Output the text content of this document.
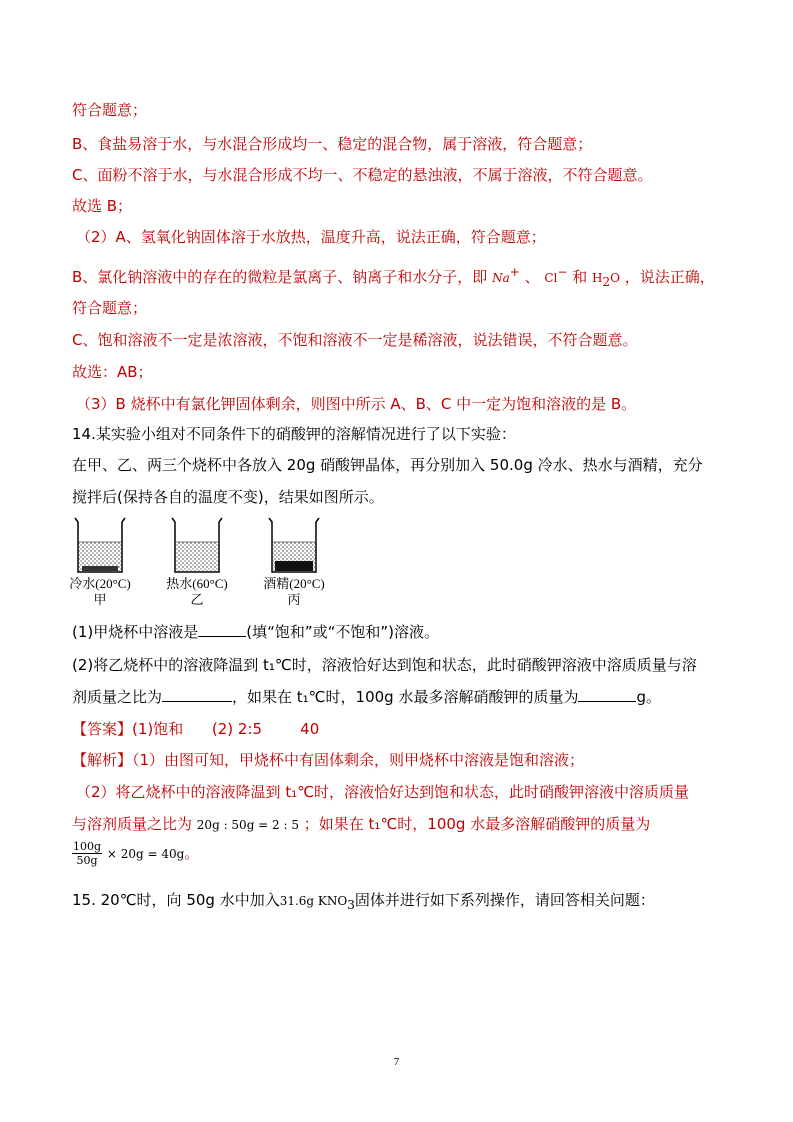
符合题意；
B、食盐易溶于水，与水混合形成均一、稳定的混合物，属于溶液，符合题意；
C、面粉不溶于水，与水混合形成不均一、不稳定的悬浊液，不属于溶液，不符合题意。
故选 B；
（2）A、氢氧化钠固体溶于水放热，温度升高，说法正确，符合题意；
B、氯化钠溶液中的存在的微粒是氯离子、钠离子和水分子，即 Na+ 、 Cl− 和 $H_2O$ ，说法正确，
符合题意；
C、饱和溶液不一定是浓溶液，不饱和溶液不一定是稀溶液，说法错误，不符合题意。
故选：AB；
（3）B 烧杯中有氯化钾固体剩余，则图中所示 A、B、C 中一定为饱和溶液的是 B。
14.某实验小组对不同条件下的硝酸钾的溶解情况进行了以下实验：
在甲、乙、两三个烧杯中各放入 20g 硝酸钾晶体，再分别加入 50.0g 冷水、热水与酒精，充分
搅拌后(保持各自的温度不变)，结果如图所示。
冷水(20°C)
甲
热水(60°C)
乙
酒精(20°C)
丙
(1)甲烧杯中溶液是	(填“饱和”或“不饱和”)溶液。
(2)将乙烧杯中的溶液降温到 t₁℃时，溶液恰好达到饱和状态，此时硝酸钾溶液中溶质质量与溶
剂质量之比为	，如果在 t₁℃时，100g 水最多溶解硝酸钾的质量为	g。
【答案】(1)饱和      (2) 2:5        40
【解析】（1）由图可知，甲烧杯中有固体剩余，则甲烧杯中溶液是饱和溶液；
（2）将乙烧杯中的溶液降温到 t₁℃时，溶液恰好达到饱和状态，此时硝酸钾溶液中溶质质量
与溶剂质量之比为 20g : 50g = 2 : 5 ；如果在 t₁℃时，100g 水最多溶解硝酸钾的质量为
$\frac{100g}{50g} \times 20g = 40g$。
15. 20℃时，向 50g 水中加入31.6g $KNO_3$固体并进行如下系列操作，请回答相关问题：
7
